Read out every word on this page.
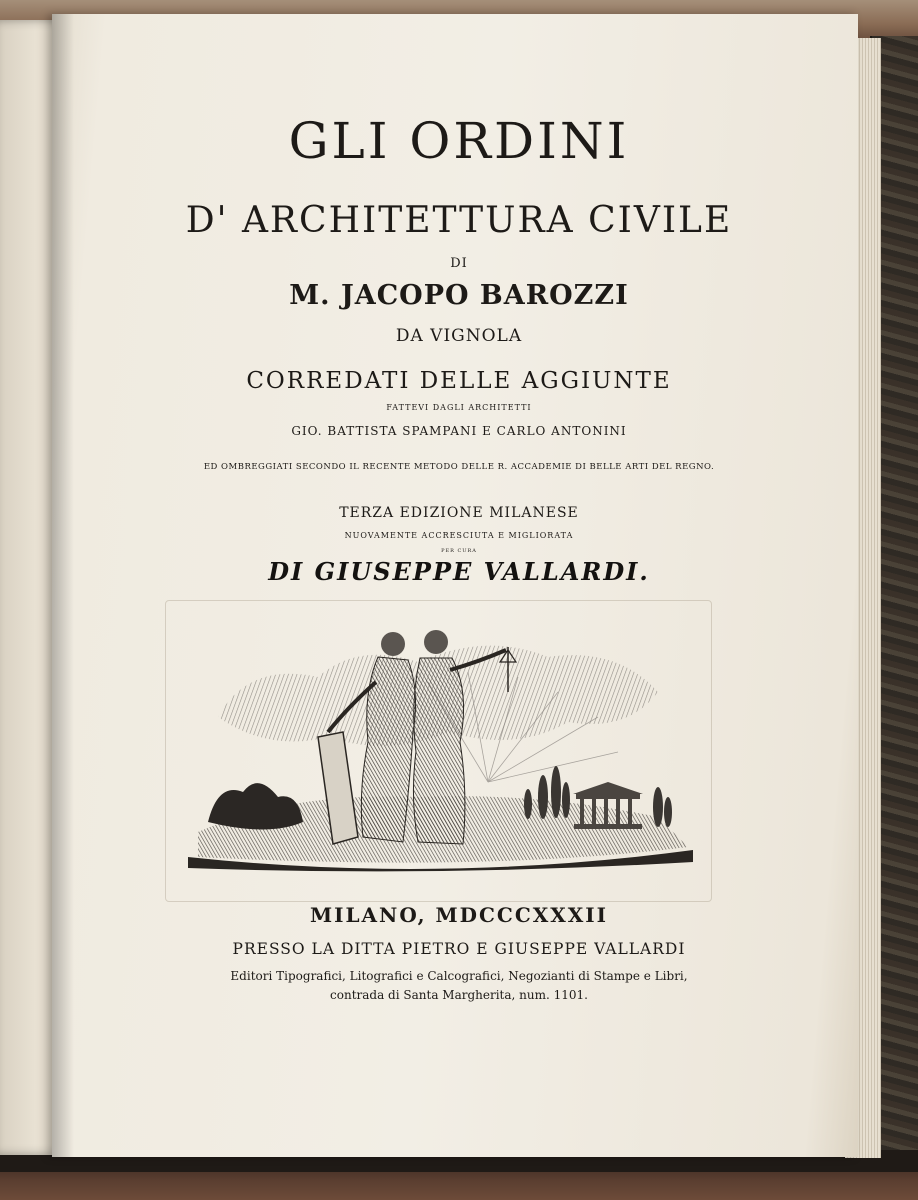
GLI ORDINI
D' ARCHITETTURA CIVILE
DI
M. JACOPO BAROZZI
DA VIGNOLA
CORREDATI DELLE AGGIUNTE
FATTEVI DAGLI ARCHITETTI
GIO. BATTISTA SPAMPANI E CARLO ANTONINI
ED OMBREGGIATI SECONDO IL RECENTE METODO DELLE R. ACCADEMIE DI BELLE ARTI DEL REGNO.
TERZA EDIZIONE MILANESE
NUOVAMENTE ACCRESCIUTA E MIGLIORATA
PER CURA
DI GIUSEPPE VALLARDI.
MILANO, MDCCCXXXII
PRESSO LA DITTA PIETRO E GIUSEPPE VALLARDI
Editori Tipografici, Litografici e Calcografici, Negozianti di Stampe e Libri,
contrada di Santa Margherita, num. 1101.
